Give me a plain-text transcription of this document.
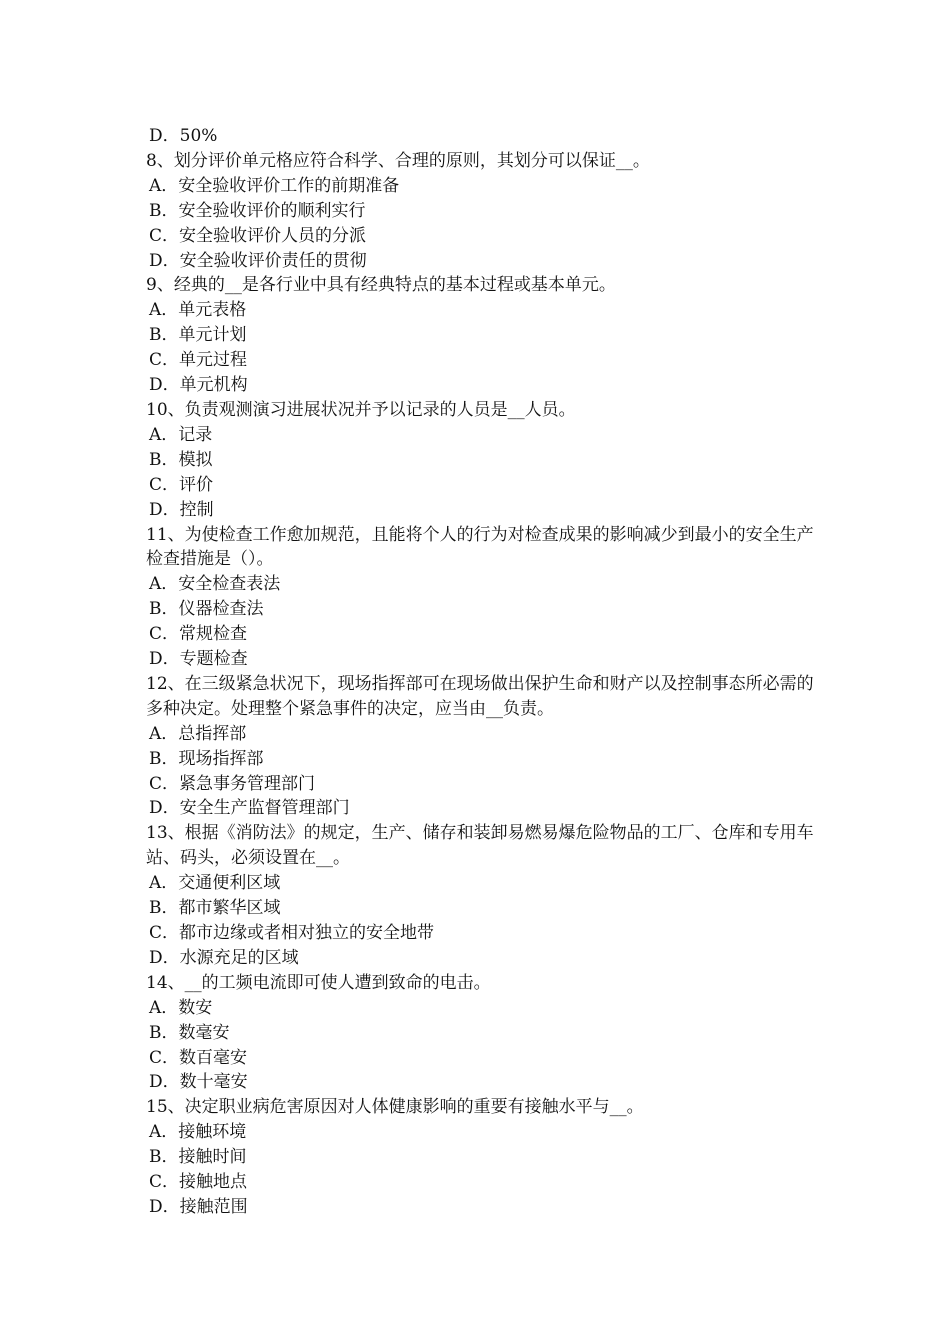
D．50%
8、划分评价单元格应符合科学、合理的原则，其划分可以保证__。
A．安全验收评价工作的前期准备
B．安全验收评价的顺利实行
C．安全验收评价人员的分派
D．安全验收评价责任的贯彻
9、经典的__是各行业中具有经典特点的基本过程或基本单元。
A．单元表格
B．单元计划
C．单元过程
D．单元机构
10、负责观测演习进展状况并予以记录的人员是__人员。
A．记录
B．模拟
C．评价
D．控制
11、为使检查工作愈加规范，且能将个人的行为对检查成果的影响减少到最小的安全生产检查措施是（）。
A．安全检查表法
B．仪器检查法
C．常规检查
D．专题检查
12、在三级紧急状况下，现场指挥部可在现场做出保护生命和财产以及控制事态所必需的多种决定。处理整个紧急事件的决定，应当由__负责。
A．总指挥部
B．现场指挥部
C．紧急事务管理部门
D．安全生产监督管理部门
13、根据《消防法》的规定，生产、储存和装卸易燃易爆危险物品的工厂、仓库和专用车站、码头，必须设置在__。
A．交通便利区域
B．都市繁华区域
C．都市边缘或者相对独立的安全地带
D．水源充足的区域
14、__的工频电流即可使人遭到致命的电击。
A．数安
B．数毫安
C．数百毫安
D．数十毫安
15、决定职业病危害原因对人体健康影响的重要有接触水平与__。
A．接触环境
B．接触时间
C．接触地点
D．接触范围
